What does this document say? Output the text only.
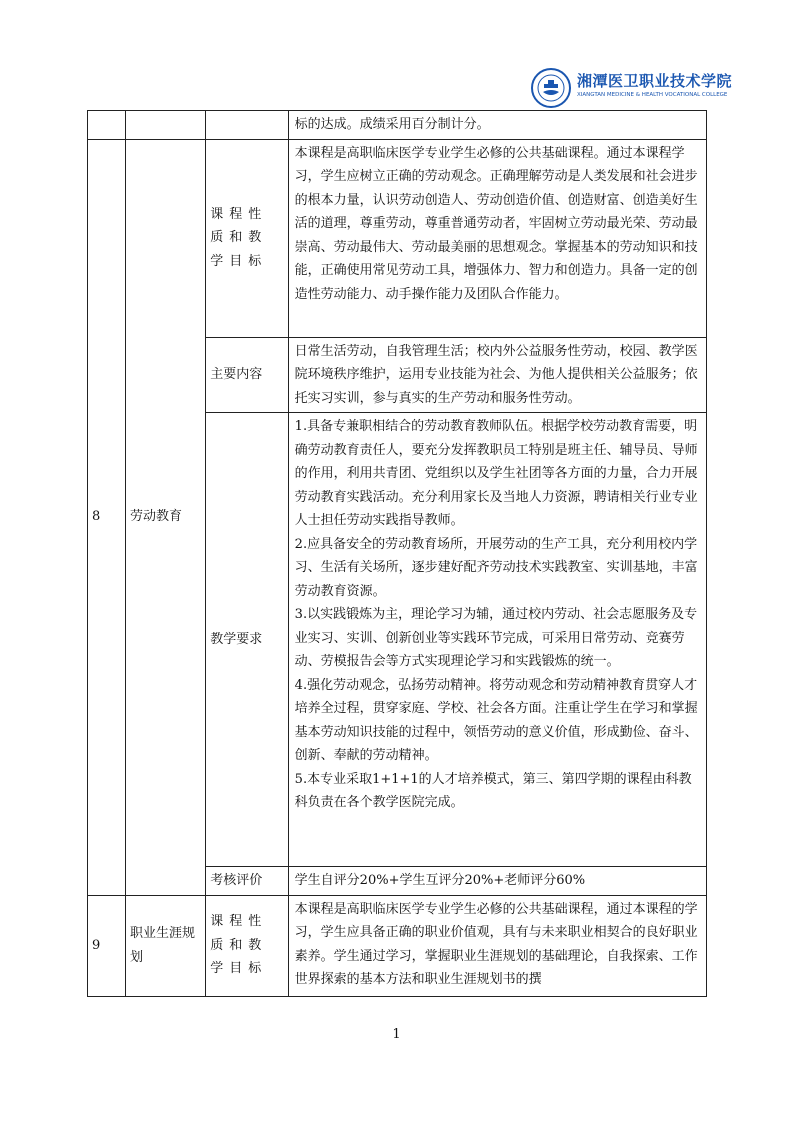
湘潭医卫职业技术学院
XIANGTAN MEDICINE & HEALTH VOCATIONAL COLLEGE
			标的达成。成绩采用百分制计分。
8	劳动教育	课程性质和教学目标	本课程是高职临床医学专业学生必修的公共基础课程。通过本课程学习，学生应树立正确的劳动观念。正确理解劳动是人类发展和社会进步的根本力量，认识劳动创造人、劳动创造价值、创造财富、创造美好生活的道理，尊重劳动，尊重普通劳动者，牢固树立劳动最光荣、劳动最崇高、劳动最伟大、劳动最美丽的思想观念。掌握基本的劳动知识和技能，正确使用常见劳动工具，增强体力、智力和创造力。具备一定的创造性劳动能力、动手操作能力及团队合作能力。
		主要内容	日常生活劳动，自我管理生活；校内外公益服务性劳动，校园、教学医院环境秩序维护，运用专业技能为社会、为他人提供相关公益服务；依托实习实训，参与真实的生产劳动和服务性劳动。
		教学要求	1.具备专兼职相结合的劳动教育教师队伍。根据学校劳动教育需要，明确劳动教育责任人，要充分发挥教职员工特别是班主任、辅导员、导师的作用，利用共青团、党组织以及学生社团等各方面的力量，合力开展劳动教育实践活动。充分利用家长及当地人力资源，聘请相关行业专业人士担任劳动实践指导教师。

2.应具备安全的劳动教育场所，开展劳动的生产工具，充分利用校内学习、生活有关场所，逐步建好配齐劳动技术实践教室、实训基地，丰富劳动教育资源。

3.以实践锻炼为主，理论学习为辅，通过校内劳动、社会志愿服务及专业实习、实训、创新创业等实践环节完成，可采用日常劳动、竞赛劳动、劳模报告会等方式实现理论学习和实践锻炼的统一。

4.强化劳动观念，弘扬劳动精神。将劳动观念和劳动精神教育贯穿人才培养全过程，贯穿家庭、学校、社会各方面。注重让学生在学习和掌握基本劳动知识技能的过程中，领悟劳动的意义价值，形成勤俭、奋斗、创新、奉献的劳动精神。

5.本专业采取1+1+1的人才培养模式，第三、第四学期的课程由科教科负责在各个教学医院完成。

		考核评价	学生自评分20%+学生互评分20%+老师评分60%
9	职业生涯规划	课程性质和教学目标	本课程是高职临床医学专业学生必修的公共基础课程，通过本课程的学习，学生应具备正确的职业价值观，具有与未来职业相契合的良好职业素养。学生通过学习，掌握职业生涯规划的基础理论，自我探索、工作世界探索的基本方法和职业生涯规划书的撰
1
